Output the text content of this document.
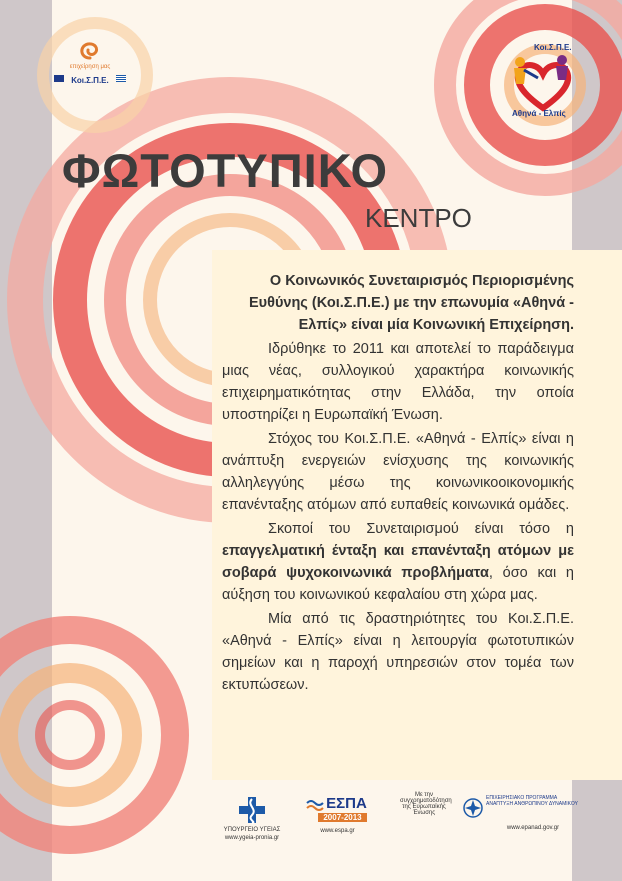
επιχείρηση μας
Κοι.Σ.Π.Ε.
Κοι.Σ.Π.Ε.
Αθηνά - Ελπίς
ΦΩΤΟΤΥΠΙΚΟ
ΚΕΝΤΡΟ

Ο Κοινωνικός Συνεταιρισμός Περιορισμένης Ευθύνης (Κοι.Σ.Π.Ε.) με την επωνυμία «Αθηνά - Ελπίς» είναι μία Κοινωνική Επιχείρηση.

Ιδρύθηκε το 2011 και αποτελεί το παράδειγμα μιας νέας, συλλογικού χαρακτήρα κοινωνικής επιχειρηματικότητας στην Ελλάδα, την οποία υποστηρίζει η Ευρωπαϊκή Ένωση.

Στόχος του Κοι.Σ.Π.Ε. «Αθηνά - Ελπίς» είναι η ανάπτυξη ενεργειών ενίσχυσης της κοινωνικής αλληλεγγύης μέσω της κοινωνικοοικονομικής επανένταξης ατόμων από ευπαθείς κοινωνικά ομάδες.

Σκοποί του Συνεταιρισμού είναι τόσο η επαγγελματική ένταξη και επανένταξη ατόμων με σοβαρά ψυχοκοινωνικά προβλήματα, όσο και η αύξηση του κοινωνικού κεφαλαίου στη χώρα μας.

Μία από τις δραστηριότητες του Κοι.Σ.Π.Ε. «Αθηνά - Ελπίς» είναι η λειτουργία φωτοτυπικών σημείων και η παροχή υπηρεσιών στον τομέα των εκτυπώσεων.

ΥΠΟΥΡΓΕΙΟ ΥΓΕΙΑΣ
www.ygeia-pronia.gr
ΕΣΠΑ
2007-2013
www.espa.gr
Με την
συγχρηματοδότηση
της Ευρωπαϊκής
Ένωσης
ΕΠΙΧΕΙΡΗΣΙΑΚΟ ΠΡΟΓΡΑΜΜΑ ΑΝΑΠΤΥΞΗ ΑΝΘΡΩΠΙΝΟΥ ΔΥΝΑΜΙΚΟΥ
www.epanad.gov.gr
